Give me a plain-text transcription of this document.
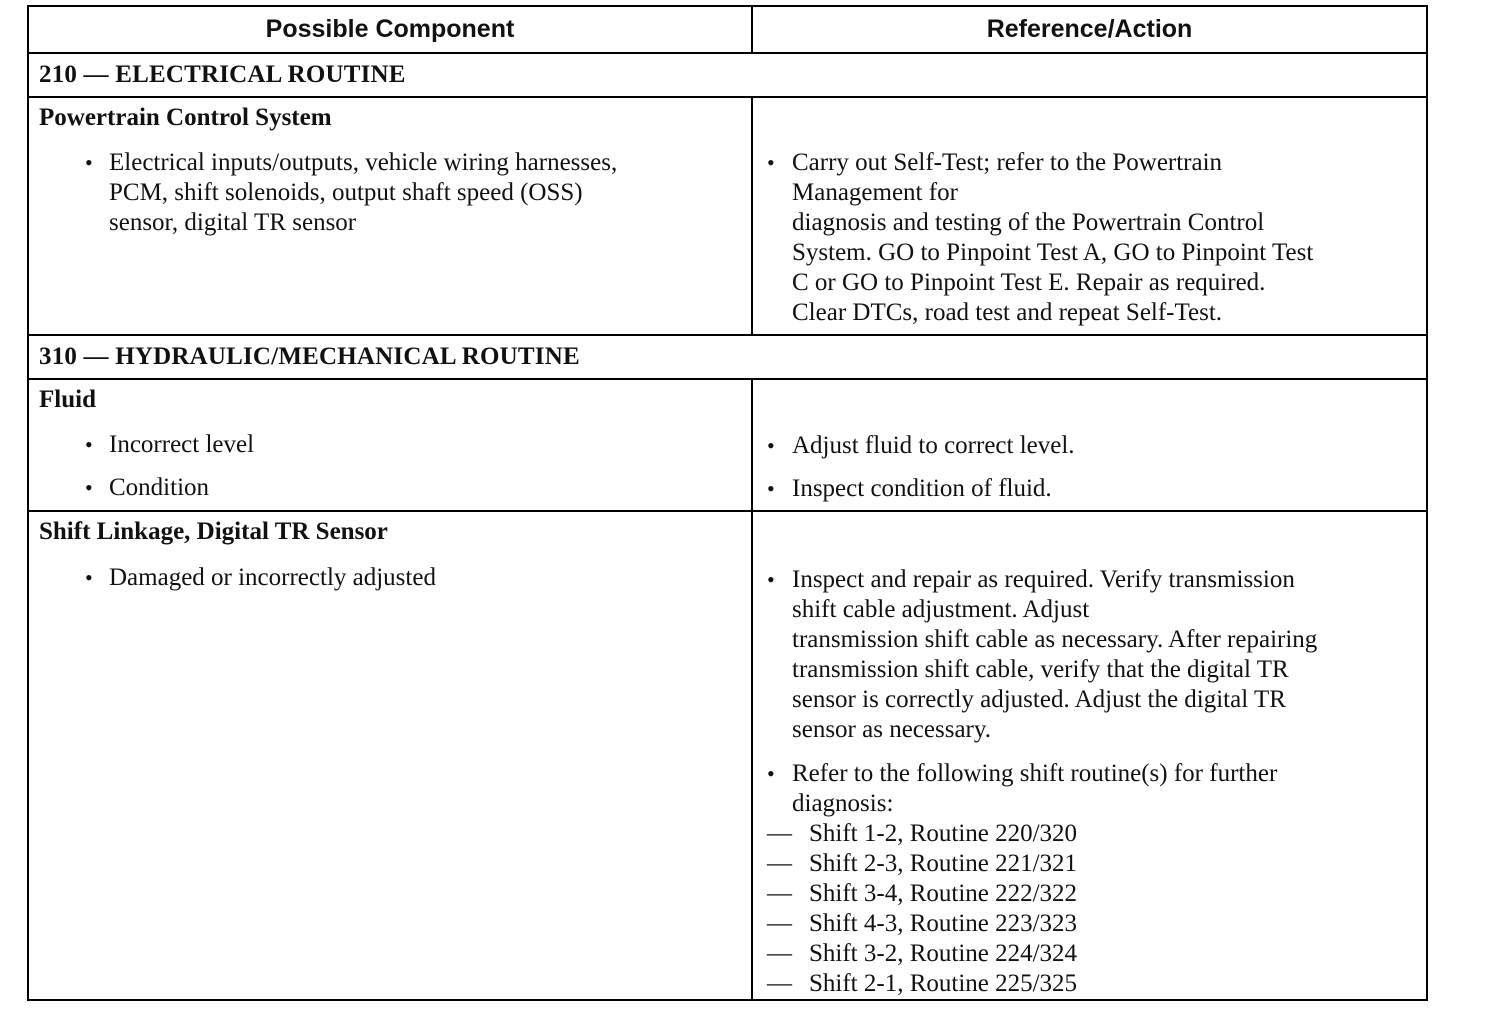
Possible Component	Reference/Action
210 — ELECTRICAL ROUTINE
Powertrain Control System
• Electrical inputs/outputs, vehicle wiring harnesses,
PCM, shift solenoids, output shaft speed (OSS)
sensor, digital TR sensor
• Carry out Self-Test; refer to the Powertrain
Management for
diagnosis and testing of the Powertrain Control
System. GO to Pinpoint Test A, GO to Pinpoint Test
C or GO to Pinpoint Test E. Repair as required.
Clear DTCs, road test and repeat Self-Test.
310 — HYDRAULIC/MECHANICAL ROUTINE
Fluid
• Incorrect level
• Condition
• Adjust fluid to correct level.
• Inspect condition of fluid.
Shift Linkage, Digital TR Sensor
• Damaged or incorrectly adjusted	• Inspect and repair as required. Verify transmission
shift cable adjustment. Adjust
transmission shift cable as necessary. After repairing
transmission shift cable, verify that the digital TR
sensor is correctly adjusted. Adjust the digital TR
sensor as necessary.
• Refer to the following shift routine(s) for further
diagnosis:
— Shift 1-2, Routine 220/320
— Shift 2-3, Routine 221/321
— Shift 3-4, Routine 222/322
— Shift 4-3, Routine 223/323
— Shift 3-2, Routine 224/324
— Shift 2-1, Routine 225/325
